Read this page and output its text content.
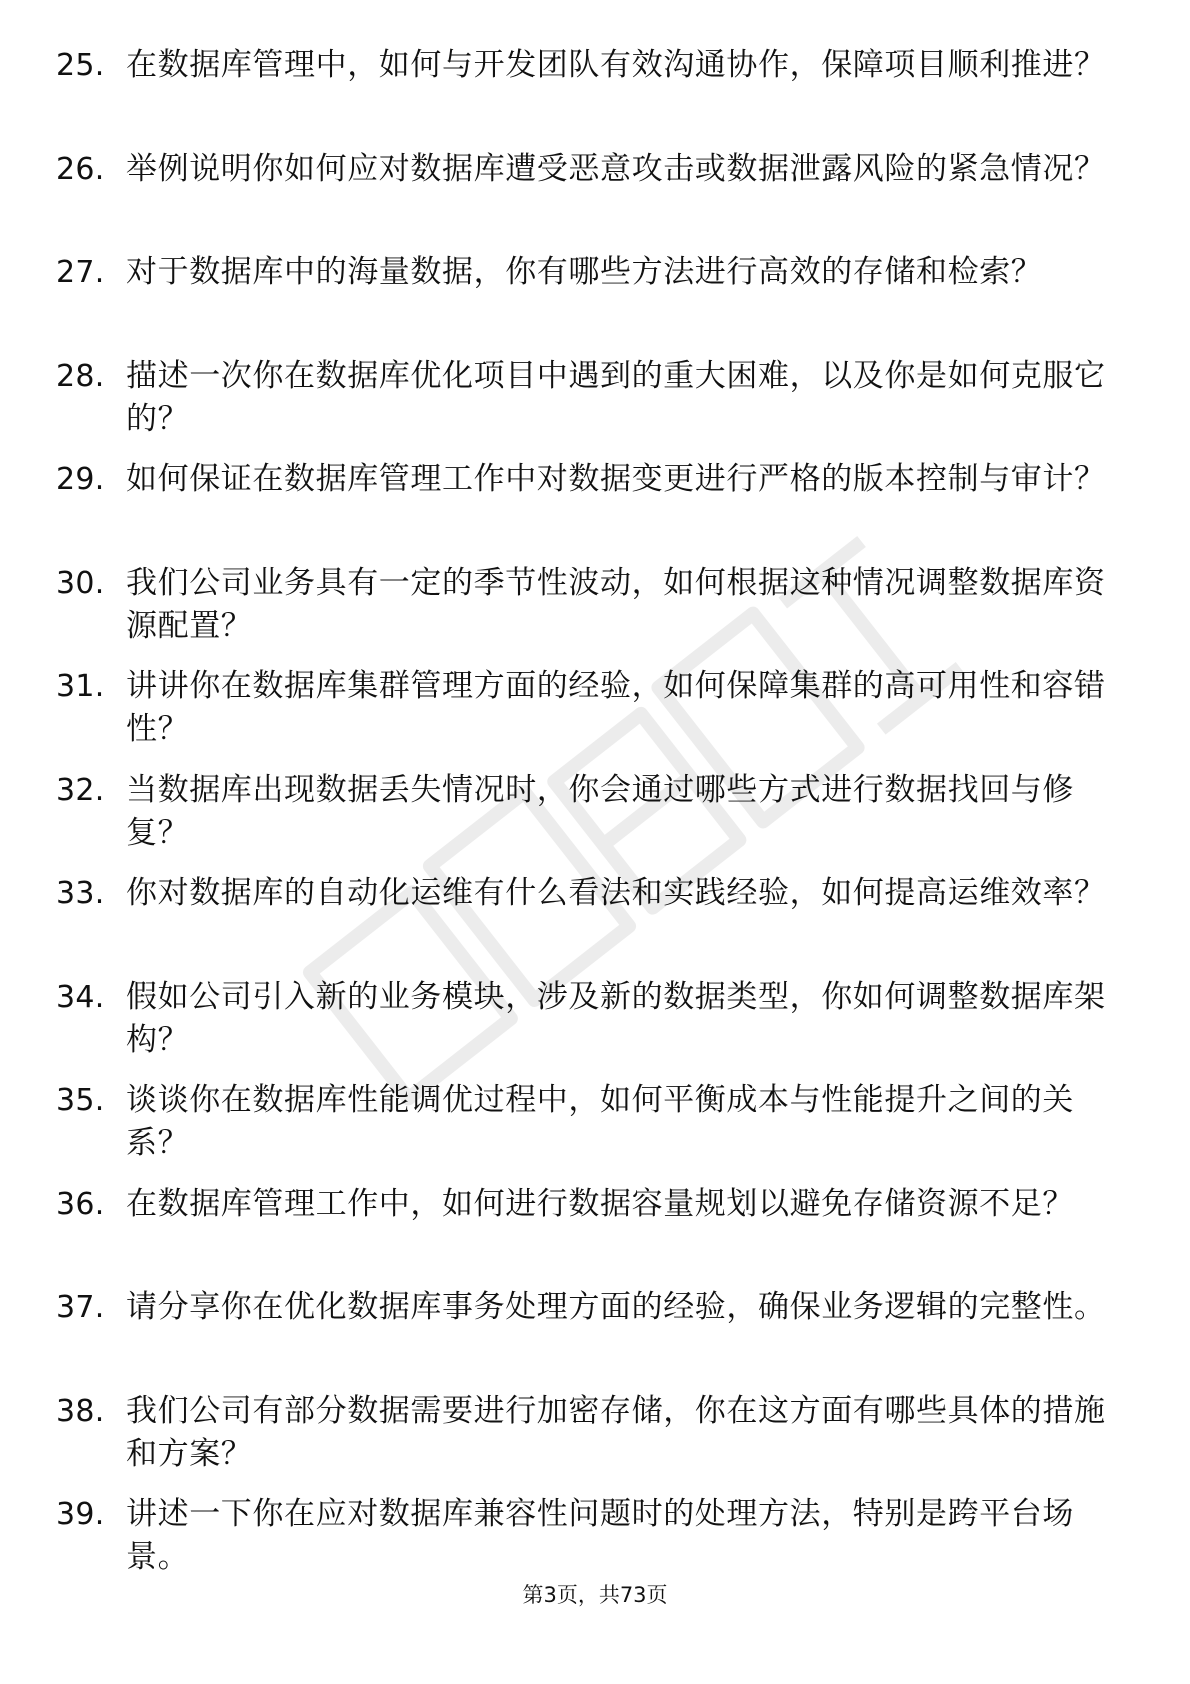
25. 在数据库管理中，如何与开发团队有效沟通协作，保障项目顺利推进？
26. 举例说明你如何应对数据库遭受恶意攻击或数据泄露风险的紧急情况？
27. 对于数据库中的海量数据，你有哪些方法进行高效的存储和检索？
28. 描述一次你在数据库优化项目中遇到的重大困难，以及你是如何克服它的？
29. 如何保证在数据库管理工作中对数据变更进行严格的版本控制与审计？
30. 我们公司业务具有一定的季节性波动，如何根据这种情况调整数据库资源配置？
31. 讲讲你在数据库集群管理方面的经验，如何保障集群的高可用性和容错性？
32. 当数据库出现数据丢失情况时，你会通过哪些方式进行数据找回与修复？
33. 你对数据库的自动化运维有什么看法和实践经验，如何提高运维效率？
34. 假如公司引入新的业务模块，涉及新的数据类型，你如何调整数据库架构？
35. 谈谈你在数据库性能调优过程中，如何平衡成本与性能提升之间的关系？
36. 在数据库管理工作中，如何进行数据容量规划以避免存储资源不足？
37. 请分享你在优化数据库事务处理方面的经验，确保业务逻辑的完整性。
38. 我们公司有部分数据需要进行加密存储，你在这方面有哪些具体的措施和方案？
39. 讲述一下你在应对数据库兼容性问题时的处理方法，特别是跨平台场景。
第3页，共73页
